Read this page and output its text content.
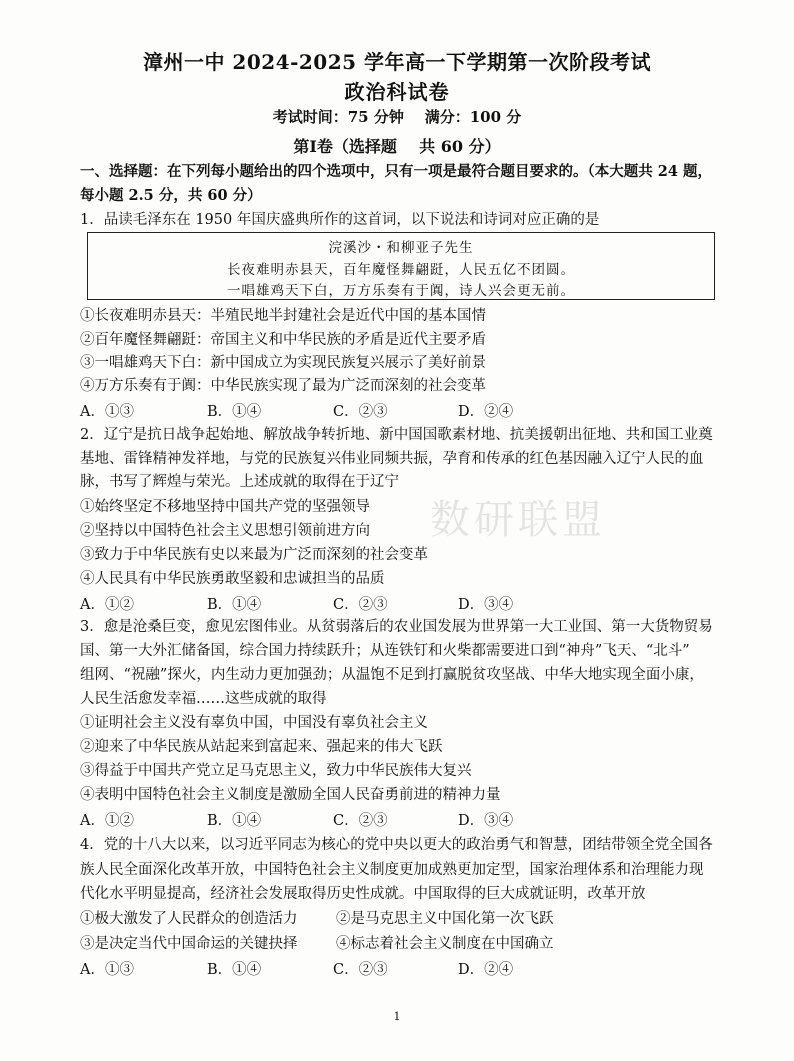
漳州一中 2024-2025 学年高一下学期第一次阶段考试
政治科试卷
考试时间：75 分钟    满分：100 分
第Ⅰ卷（选择题    共 60 分）
一、选择题：在下列每小题给出的四个选项中，只有一项是最符合题目要求的。（本大题共 24 题，
每小题 2.5 分，共 60 分）
1．品读毛泽东在 1950 年国庆盛典所作的这首词，以下说法和诗词对应正确的是
浣溪沙・和柳亚子先生
长夜难明赤县天，百年魔怪舞翩跹，人民五亿不团圆。
一唱雄鸡天下白，万方乐奏有于阗，诗人兴会更无前。
①长夜难明赤县天：半殖民地半封建社会是近代中国的基本国情
②百年魔怪舞翩跹：帝国主义和中华民族的矛盾是近代主要矛盾
③一唱雄鸡天下白：新中国成立为实现民族复兴展示了美好前景
④万方乐奏有于阗：中华民族实现了最为广泛而深刻的社会变革
A．①③	B．①④	C．②③	D．②④
2．辽宁是抗日战争起始地、解放战争转折地、新中国国歌素材地、抗美援朝出征地、共和国工业奠
基地、雷锋精神发祥地，与党的民族复兴伟业同频共振，孕育和传承的红色基因融入辽宁人民的血
脉，书写了辉煌与荣光。上述成就的取得在于辽宁
①始终坚定不移地坚持中国共产党的坚强领导
②坚持以中国特色社会主义思想引领前进方向
③致力于中华民族有史以来最为广泛而深刻的社会变革
④人民具有中华民族勇敢坚毅和忠诚担当的品质
A．①②	B．①④	C．②③	D．③④
3．愈是沧桑巨变，愈见宏图伟业。从贫弱落后的农业国发展为世界第一大工业国、第一大货物贸易
国、第一大外汇储备国，综合国力持续跃升；从连铁钉和火柴都需要进口到“神舟”飞天、“北斗”
组网、“祝融”探火，内生动力更加强劲；从温饱不足到打赢脱贫攻坚战、中华大地实现全面小康，
人民生活愈发幸福……这些成就的取得
①证明社会主义没有辜负中国，中国没有辜负社会主义
②迎来了中华民族从站起来到富起来、强起来的伟大飞跃
③得益于中国共产党立足马克思主义，致力中华民族伟大复兴
④表明中国特色社会主义制度是激励全国人民奋勇前进的精神力量
A．①②	B．①④	C．②③	D．③④
4．党的十八大以来，以习近平同志为核心的党中央以更大的政治勇气和智慧，团结带领全党全国各
族人民全面深化改革开放，中国特色社会主义制度更加成熟更加定型，国家治理体系和治理能力现
代化水平明显提高，经济社会发展取得历史性成就。中国取得的巨大成就证明，改革开放
①极大激发了人民群众的创造活力	②是马克思主义中国化第一次飞跃
③是决定当代中国命运的关键抉择	④标志着社会主义制度在中国确立
A．①③	B．①④	C．②③	D．②④
数研联盟
1
